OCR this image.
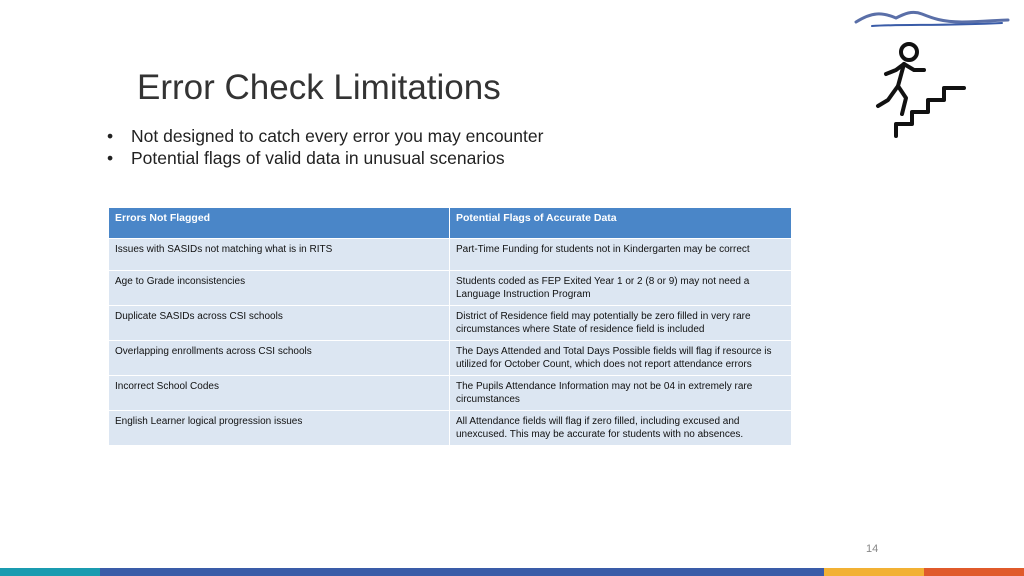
Error Check Limitations
•	Not designed to catch every error you may encounter
•	Potential flags of valid data in unusual scenarios
Errors Not Flagged	Potential Flags of Accurate Data
Issues with SASIDs not matching what is in RITS	Part-Time Funding for students not in Kindergarten may be correct
Age to Grade inconsistencies	Students coded as FEP Exited Year 1 or 2 (8 or 9) may not need a Language Instruction Program
Duplicate SASIDs across CSI schools	District of Residence field may potentially be zero filled in very rare circumstances where State of residence field is included
Overlapping enrollments across CSI schools	The Days Attended and Total Days Possible fields will flag if resource is utilized for October Count, which does not report attendance errors
Incorrect School Codes	The Pupils Attendance Information may not be 04 in extremely rare circumstances
English Learner logical progression issues	All Attendance fields will flag if zero filled, including excused and unexcused. This may be accurate for students with no absences.
14
